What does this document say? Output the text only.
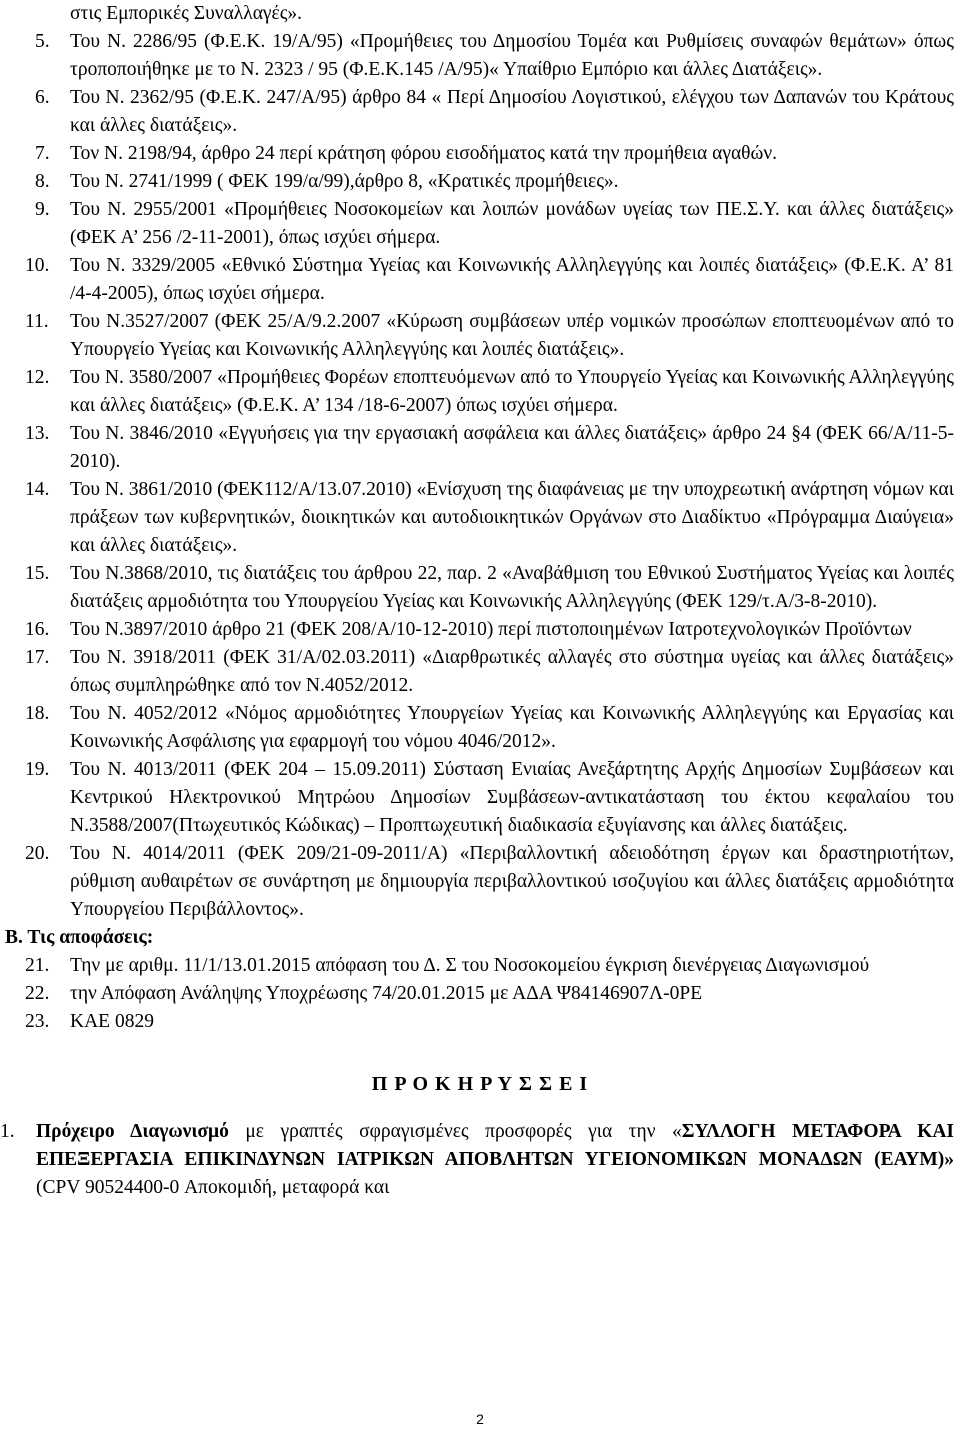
στις Εμπορικές Συναλλαγές».

5. Του Ν. 2286/95 (Φ.Ε.Κ. 19/Α/95) «Προμήθειες του Δημοσίου Τομέα και Ρυθμίσεις συναφών θεμάτων» όπως τροποποιήθηκε με το Ν. 2323 / 95 (Φ.Ε.Κ.145 /Α/95)« Υπαίθριο Εμπόριο και άλλες Διατάξεις».
6. Του Ν. 2362/95 (Φ.Ε.Κ. 247/Α/95) άρθρο 84 « Περί Δημοσίου Λογιστικού, ελέγχου των Δαπανών του Κράτους και άλλες διατάξεις».
7. Τον Ν. 2198/94, άρθρο 24 περί κράτηση φόρου εισοδήματος κατά την προμήθεια αγαθών.
8. Του Ν. 2741/1999 ( ΦΕΚ 199/α/99),άρθρο 8, «Κρατικές προμήθειες».
9. Του Ν. 2955/2001 «Προμήθειες Νοσοκομείων και λοιπών μονάδων υγείας των ΠΕ.Σ.Υ. και άλλες διατάξεις» (ΦΕΚ Α’ 256 /2-11-2001), όπως ισχύει σήμερα.
10. Του Ν. 3329/2005 «Εθνικό Σύστημα Υγείας και Κοινωνικής Αλληλεγγύης και λοιπές διατάξεις» (Φ.Ε.Κ. Α’ 81 /4-4-2005), όπως ισχύει σήμερα.
11. Του Ν.3527/2007 (ΦΕΚ 25/Α/9.2.2007 «Κύρωση συμβάσεων υπέρ νομικών προσώπων εποπτευομένων από το Υπουργείο Υγείας και Κοινωνικής Αλληλεγγύης και λοιπές διατάξεις».
12. Του Ν. 3580/2007 «Προμήθειες Φορέων εποπτευόμενων από το Υπουργείο Υγείας και Κοινωνικής Αλληλεγγύης και άλλες διατάξεις» (Φ.Ε.Κ. Α’ 134 /18-6-2007) όπως ισχύει σήμερα.
13. Του Ν. 3846/2010 «Εγγυήσεις για την εργασιακή ασφάλεια και άλλες διατάξεις» άρθρο 24 §4 (ΦΕΚ 66/Α/11-5-2010).
14. Του Ν. 3861/2010 (ΦΕΚ112/Α/13.07.2010) «Ενίσχυση της διαφάνειας με την υποχρεωτική ανάρτηση νόμων και πράξεων των κυβερνητικών, διοικητικών και αυτοδιοικητικών Οργάνων στο Διαδίκτυο «Πρόγραμμα Διαύγεια» και άλλες διατάξεις».
15. Του Ν.3868/2010, τις διατάξεις του άρθρου 22, παρ. 2 «Αναβάθμιση του Εθνικού Συστήματος Υγείας και λοιπές διατάξεις αρμοδιότητα του Υπουργείου Υγείας και Κοινωνικής Αλληλεγγύης (ΦΕΚ 129/τ.Α/3-8-2010).
16. Του Ν.3897/2010 άρθρο 21 (ΦΕΚ 208/Α/10-12-2010) περί πιστοποιημένων Ιατροτεχνολογικών Προϊόντων
17. Του Ν. 3918/2011 (ΦΕΚ 31/Α/02.03.2011) «Διαρθρωτικές αλλαγές στο σύστημα υγείας και άλλες διατάξεις» όπως συμπληρώθηκε από τον Ν.4052/2012.
18. Του Ν. 4052/2012 «Νόμος αρμοδιότητες Υπουργείων Υγείας και Κοινωνικής Αλληλεγγύης και Εργασίας και Κοινωνικής Ασφάλισης για εφαρμογή του νόμου 4046/2012».
19. Του Ν. 4013/2011 (ΦΕΚ 204 – 15.09.2011) Σύσταση Ενιαίας Ανεξάρτητης Αρχής Δημοσίων Συμβάσεων και Κεντρικού Ηλεκτρονικού Μητρώου Δημοσίων Συμβάσεων-αντικατάσταση του έκτου κεφαλαίου του Ν.3588/2007(Πτωχευτικός Κώδικας) – Προπτωχευτική διαδικασία εξυγίανσης και άλλες διατάξεις.
20. Του Ν. 4014/2011 (ΦΕΚ 209/21-09-2011/Α) «Περιβαλλοντική αδειοδότηση έργων και δραστηριοτήτων, ρύθμιση αυθαιρέτων σε συνάρτηση με δημιουργία περιβαλλοντικού ισοζυγίου και άλλες διατάξεις αρμοδιότητα Υπουργείου Περιβάλλοντος».

Β. Τις αποφάσεις:

21. Την με αριθμ. 11/1/13.01.2015 απόφαση του Δ. Σ του Νοσοκομείου έγκριση διενέργειας Διαγωνισμού
22. την Απόφαση Ανάληψης Υποχρέωσης 74/20.01.2015 με ΑΔΑ Ψ84146907Λ-0ΡΕ
23. ΚΑΕ 0829

Π Ρ Ο Κ Η Ρ Υ Σ Σ Ε Ι

1. Πρόχειρο Διαγωνισμό με γραπτές σφραγισμένες προσφορές για την «ΣΥΛΛΟΓΗ ΜΕΤΑΦΟΡΑ ΚΑΙ ΕΠΕΞΕΡΓΑΣΙΑ ΕΠΙΚΙΝΔΥΝΩΝ ΙΑΤΡΙΚΩΝ ΑΠΟΒΛΗΤΩΝ ΥΓΕΙΟΝΟΜΙΚΩΝ ΜΟΝΑΔΩΝ (ΕΑΥΜ)» (CPV 90524400-0 Αποκομιδή, μεταφορά και

2
